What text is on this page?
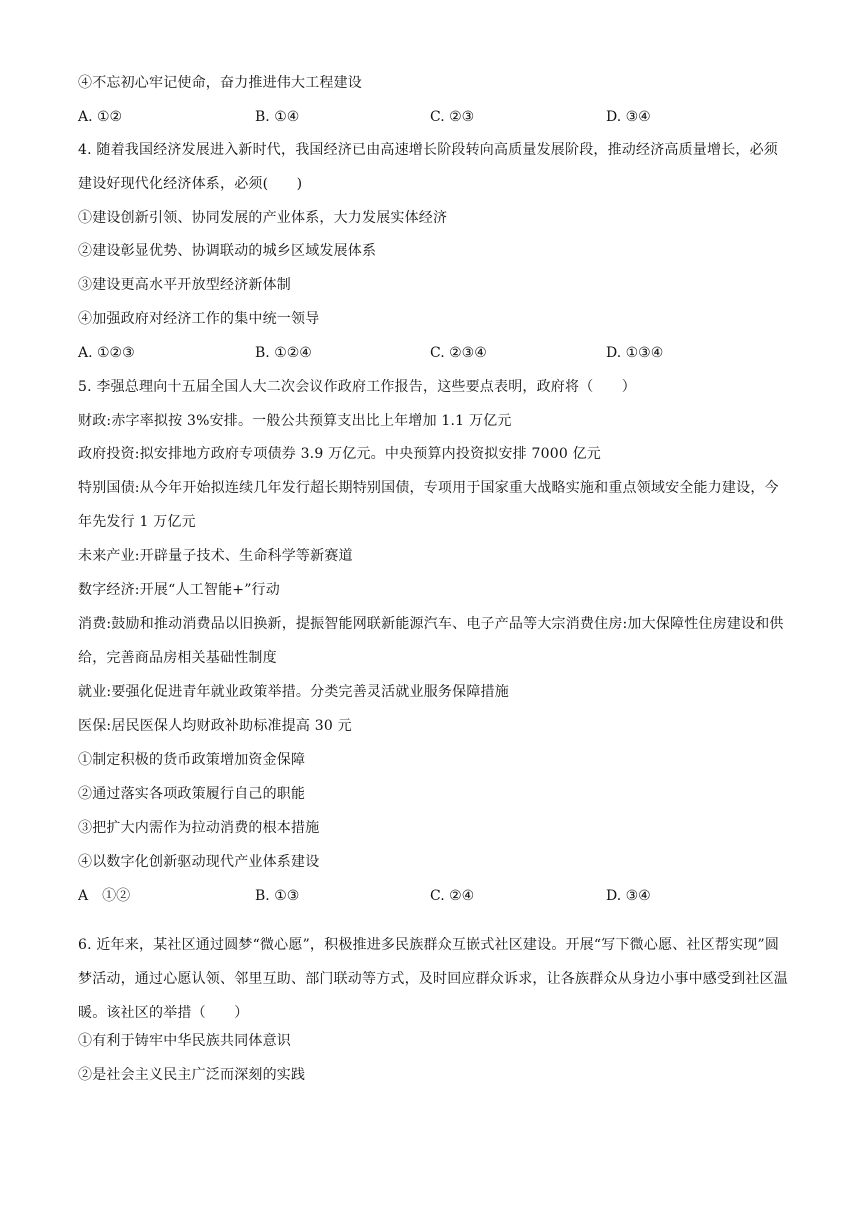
④不忘初心牢记使命，奋力推进伟大工程建设
A. ①②	B. ①④	C. ②③	D. ③④
4. 随着我国经济发展进入新时代，我国经济已由高速增长阶段转向高质量发展阶段，推动经济高质量增长，必须建设好现代化经济体系，必须(　　)
①建设创新引领、协同发展的产业体系，大力发展实体经济
②建设彰显优势、协调联动的城乡区域发展体系
③建设更高水平开放型经济新体制
④加强政府对经济工作的集中统一领导
A. ①②③	B. ①②④	C. ②③④	D. ①③④
5. 李强总理向十五届全国人大二次会议作政府工作报告，这些要点表明，政府将（　　）
财政:赤字率拟按 3%安排。一般公共预算支出比上年增加 1.1 万亿元
政府投资:拟安排地方政府专项债券 3.9 万亿元。中央预算内投资拟安排 7000 亿元
特别国债:从今年开始拟连续几年发行超长期特别国债，专项用于国家重大战略实施和重点领域安全能力建设，今年先发行 1 万亿元
未来产业:开辟量子技术、生命科学等新赛道
数字经济:开展“人工智能+”行动
消费:鼓励和推动消费品以旧换新，提振智能网联新能源汽车、电子产品等大宗消费住房:加大保障性住房建设和供给，完善商品房相关基础性制度
就业:要强化促进青年就业政策举措。分类完善灵活就业服务保障措施
医保:居民医保人均财政补助标准提高 30 元
①制定积极的货币政策增加资金保障
②通过落实各项政策履行自己的职能
③把扩大内需作为拉动消费的根本措施
④以数字化创新驱动现代产业体系建设
A　①②	B. ①③	C. ②④	D. ③④
6. 近年来，某社区通过圆梦“微心愿”，积极推进多民族群众互嵌式社区建设。开展“写下微心愿、社区帮实现”圆梦活动，通过心愿认领、邻里互助、部门联动等方式，及时回应群众诉求，让各族群众从身边小事中感受到社区温暖。该社区的举措（　　）
①有利于铸牢中华民族共同体意识
②是社会主义民主广泛而深刻的实践
